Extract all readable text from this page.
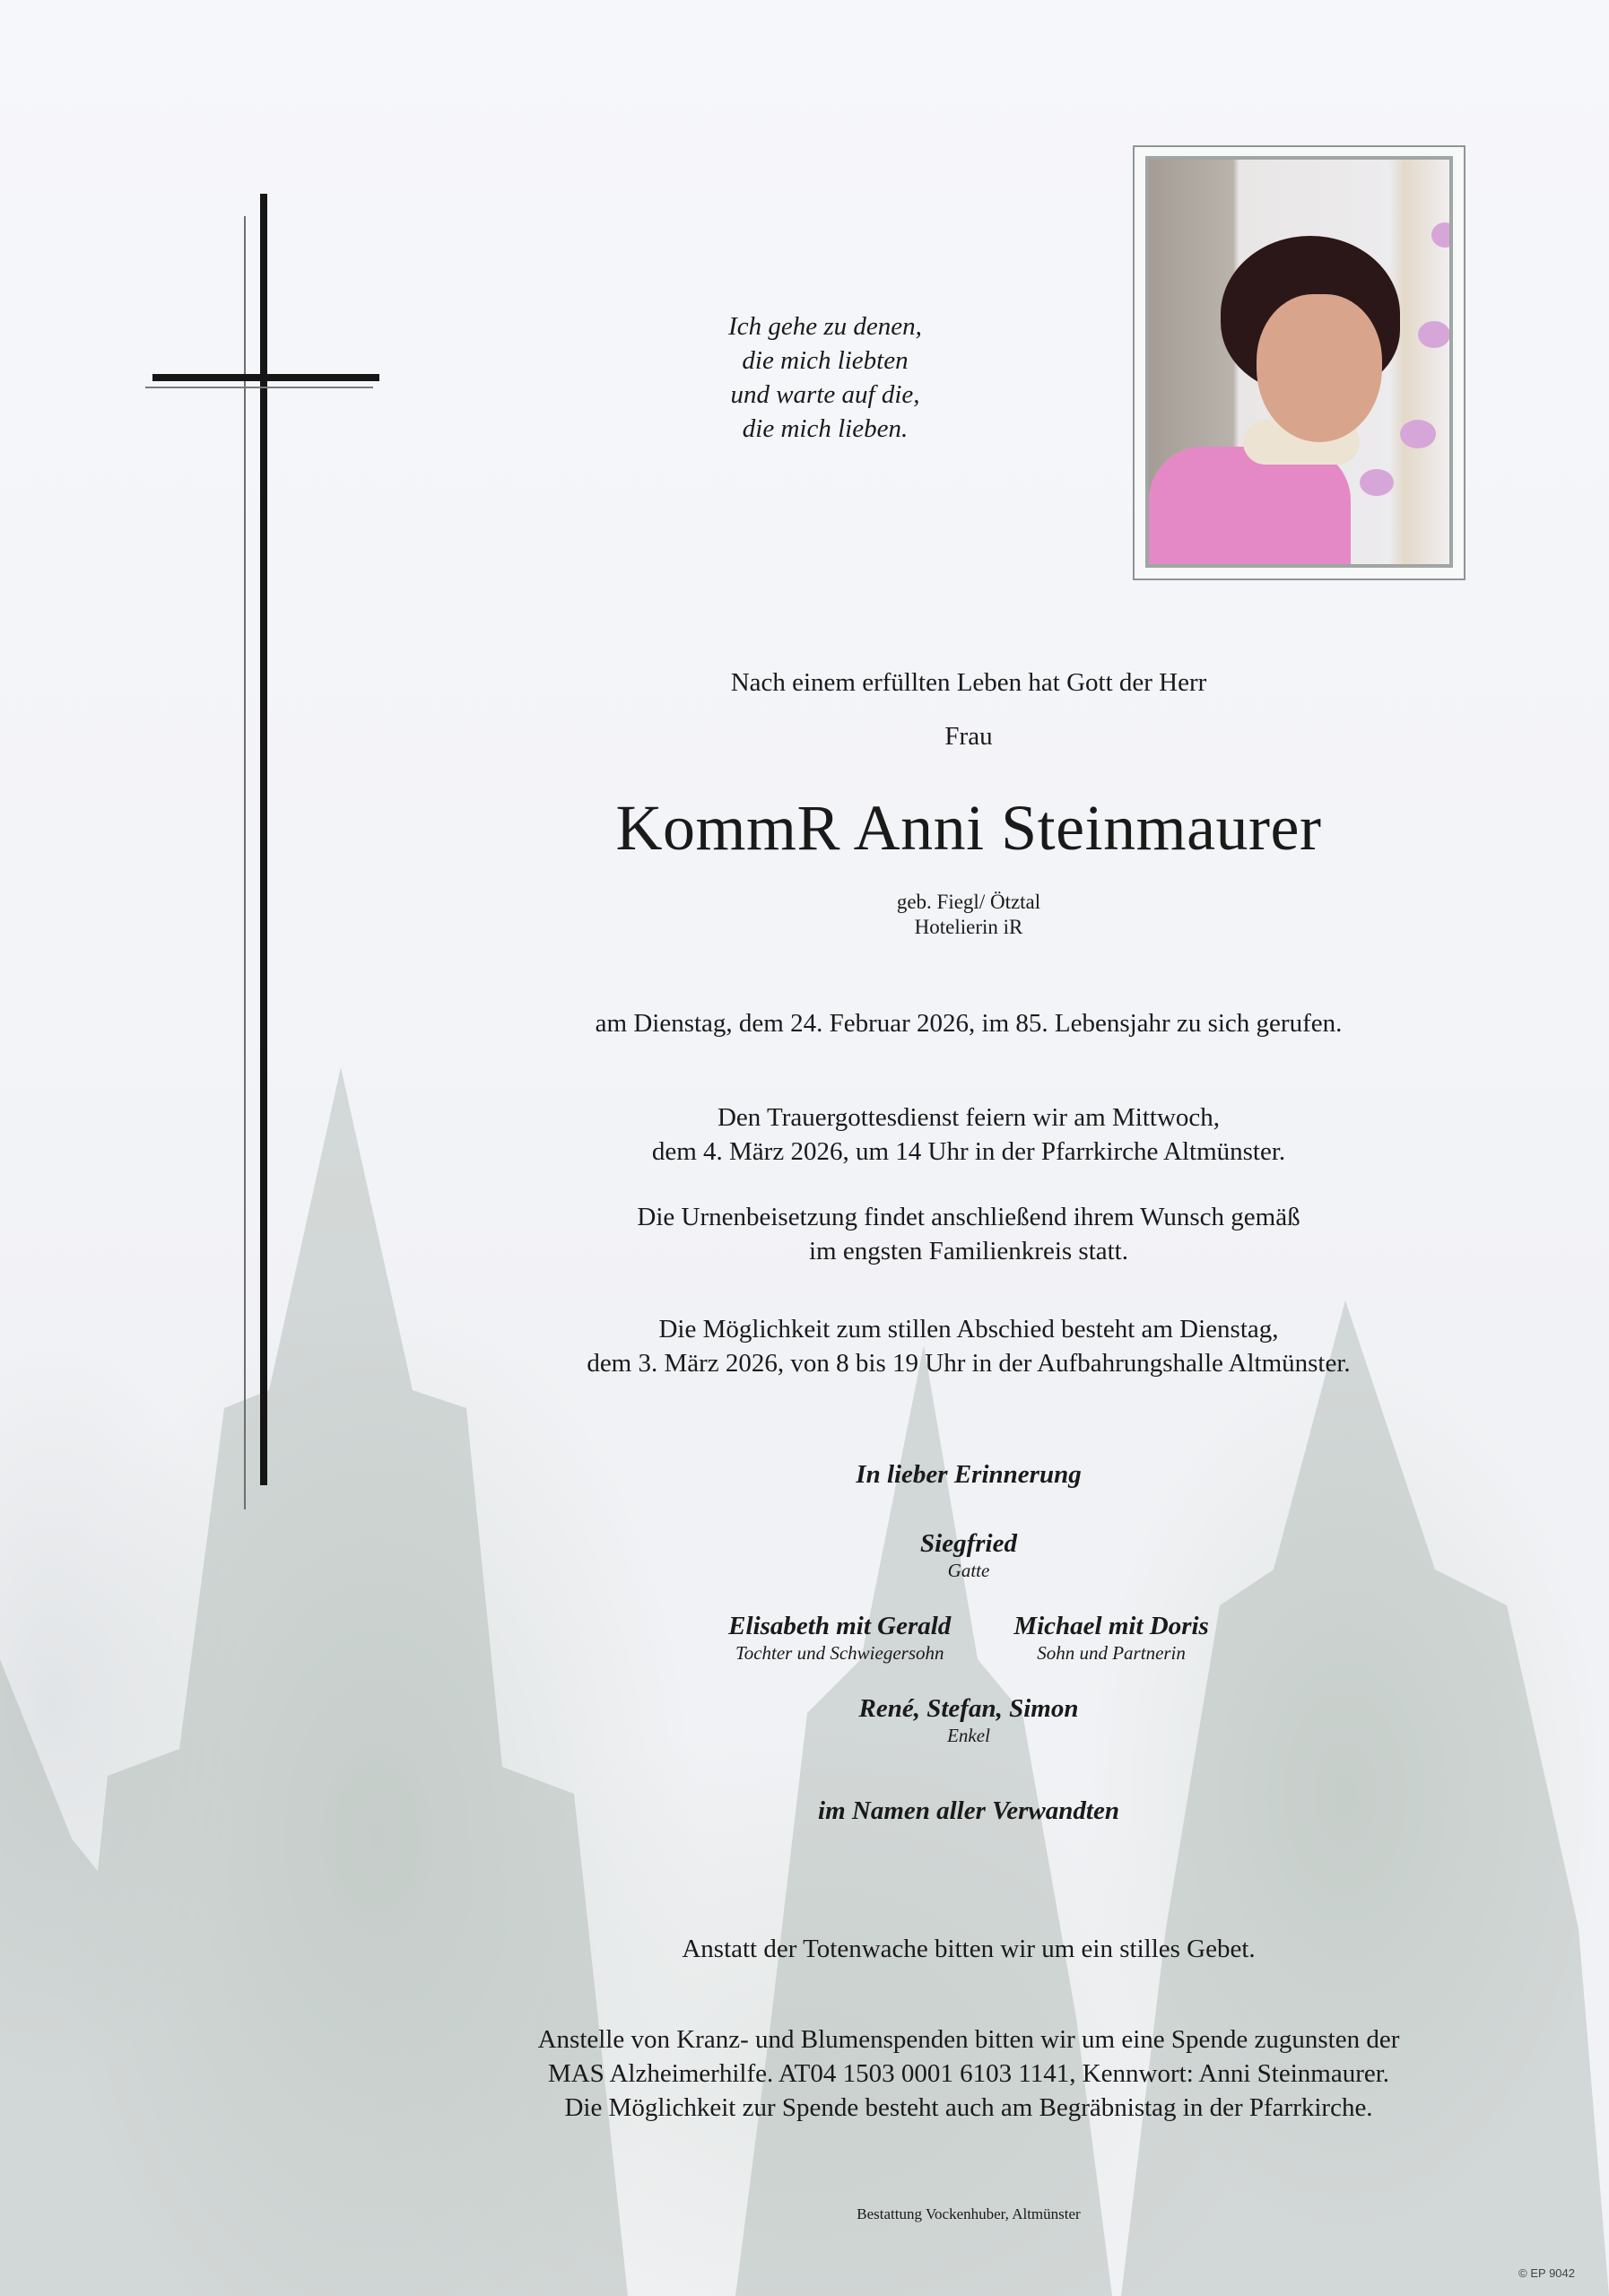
Ich gehe zu denen,
die mich liebten
und warte auf die,
die mich lieben.
Nach einem erfüllten Leben hat Gott der Herr
Frau
KommR Anni Steinmaurer
geb. Fiegl/ Ötztal
Hotelierin iR
am Dienstag, dem 24. Februar 2026, im 85. Lebensjahr zu sich gerufen.
Den Trauergottesdienst feiern wir am Mittwoch,
dem 4. März 2026, um 14 Uhr in der Pfarrkirche Altmünster.
Die Urnenbeisetzung findet anschließend ihrem Wunsch gemäß
im engsten Familienkreis statt.
Die Möglichkeit zum stillen Abschied besteht am Dienstag,
dem 3. März 2026, von 8 bis 19 Uhr in der Aufbahrungshalle Altmünster.
In lieber Erinnerung
Siegfried
Gatte
Elisabeth mit Gerald
Tochter und Schwiegersohn
Michael mit Doris
Sohn und Partnerin
René, Stefan, Simon
Enkel
im Namen aller Verwandten
Anstatt der Totenwache bitten wir um ein stilles Gebet.
Anstelle von Kranz- und Blumenspenden bitten wir um eine Spende zugunsten der
MAS Alzheimerhilfe. AT04 1503 0001 6103 1141, Kennwort: Anni Steinmaurer.
Die Möglichkeit zur Spende besteht auch am Begräbnistag in der Pfarrkirche.
Bestattung Vockenhuber, Altmünster
© EP 9042
